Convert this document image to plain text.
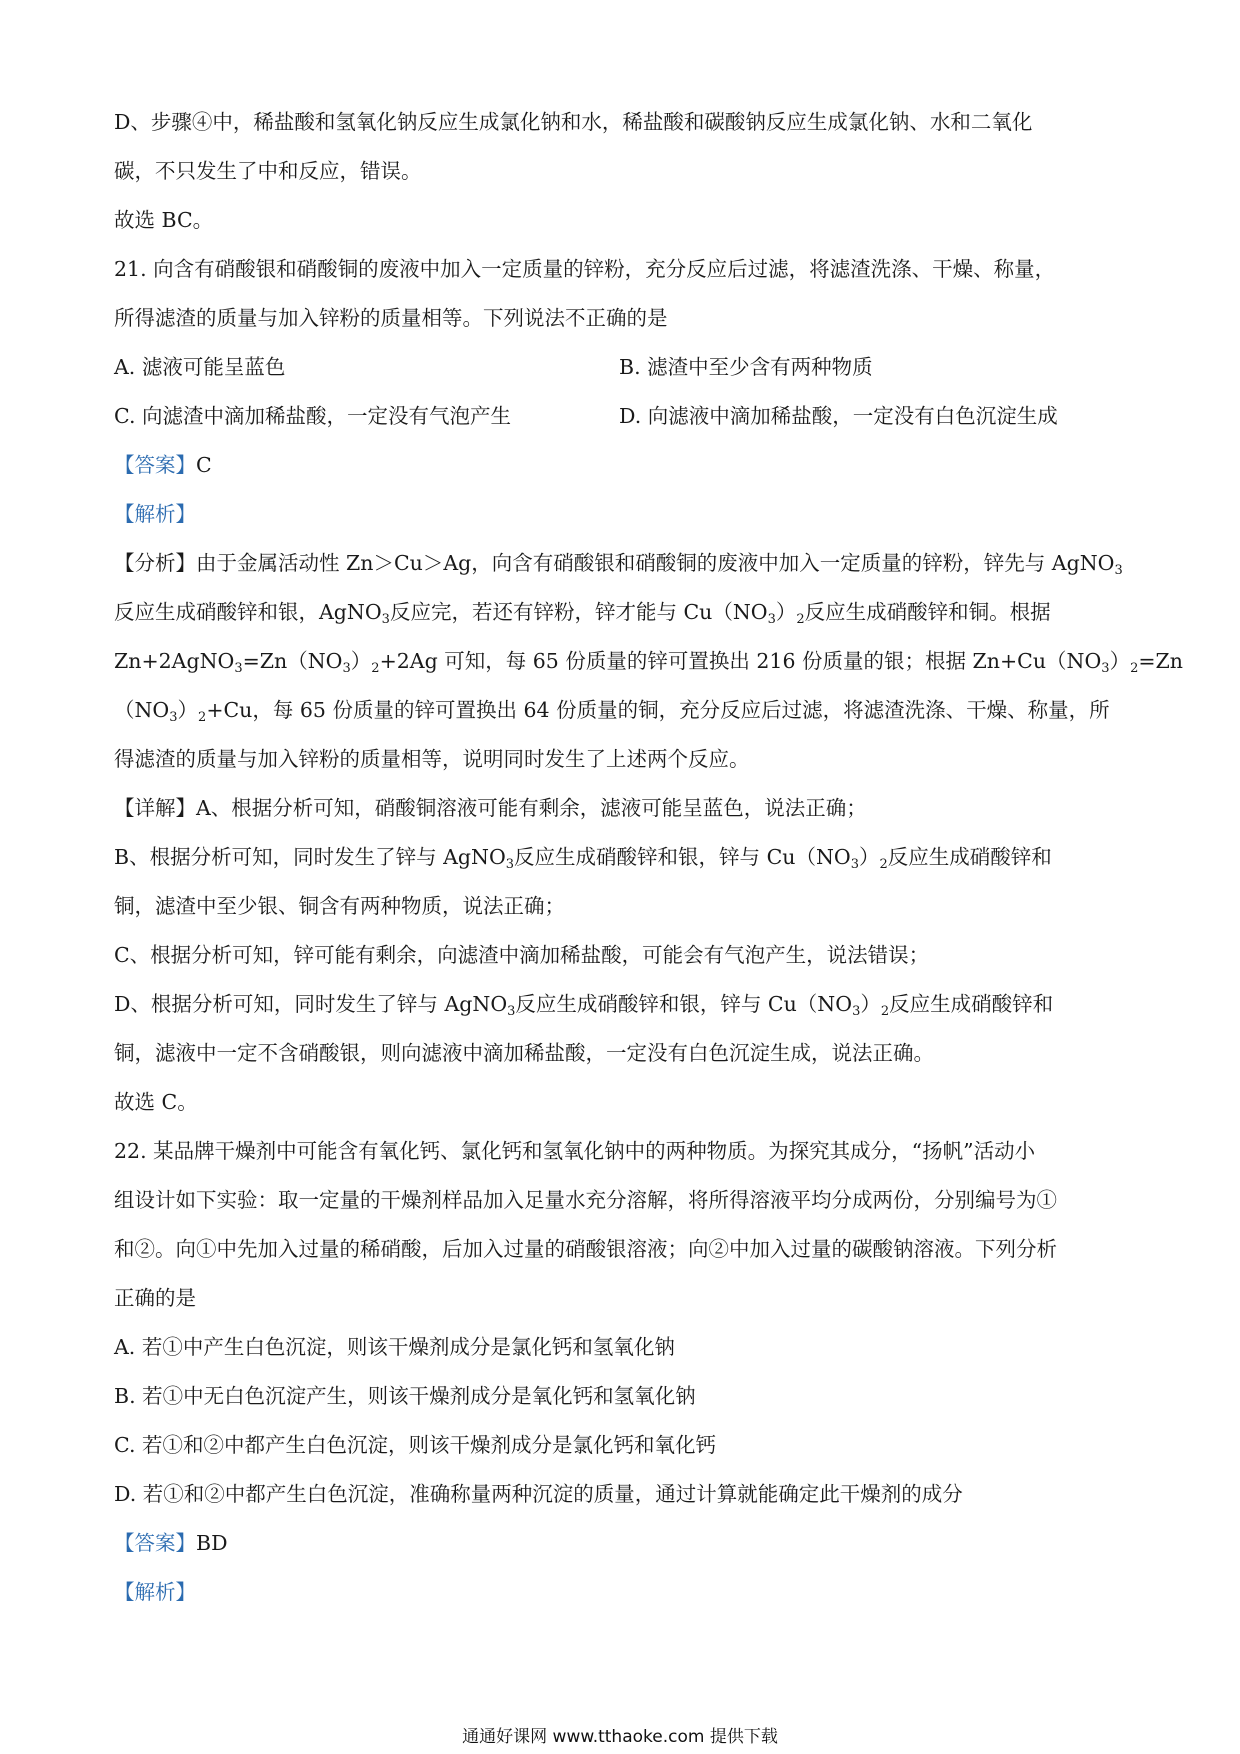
D、步骤④中，稀盐酸和氢氧化钠反应生成氯化钠和水，稀盐酸和碳酸钠反应生成氯化钠、水和二氧化
碳，不只发生了中和反应，错误。
故选 BC。
21. 向含有硝酸银和硝酸铜的废液中加入一定质量的锌粉，充分反应后过滤，将滤渣洗涤、干燥、称量，
所得滤渣的质量与加入锌粉的质量相等。下列说法不正确的是
A. 滤液可能呈蓝色	B. 滤渣中至少含有两种物质
C. 向滤渣中滴加稀盐酸，一定没有气泡产生	D. 向滤液中滴加稀盐酸，一定没有白色沉淀生成
【答案】C
【解析】
【分析】由于金属活动性 Zn＞Cu＞Ag，向含有硝酸银和硝酸铜的废液中加入一定质量的锌粉，锌先与 AgNO$_3$
反应生成硝酸锌和银，AgNO$_3$反应完，若还有锌粉，锌才能与 $Cu(NO_3)_2$反应生成硝酸锌和铜。根据
$Zn+2AgNO_3=Zn(NO_3)_2+2Ag$ 可知，每 65 份质量的锌可置换出 216 份质量的银；根据 $Zn+Cu(NO_3)_2=Zn$
$(NO_3)_2+Cu$，每 65 份质量的锌可置换出 64 份质量的铜，充分反应后过滤，将滤渣洗涤、干燥、称量，所
得滤渣的质量与加入锌粉的质量相等，说明同时发生了上述两个反应。
【详解】A、根据分析可知，硝酸铜溶液可能有剩余，滤液可能呈蓝色，说法正确；
B、根据分析可知，同时发生了锌与 AgNO$_3$反应生成硝酸锌和银，锌与 $Cu(NO_3)_2$反应生成硝酸锌和
铜，滤渣中至少银、铜含有两种物质，说法正确；
C、根据分析可知，锌可能有剩余，向滤渣中滴加稀盐酸，可能会有气泡产生，说法错误；
D、根据分析可知，同时发生了锌与 AgNO$_3$反应生成硝酸锌和银，锌与 $Cu(NO_3)_2$反应生成硝酸锌和
铜，滤液中一定不含硝酸银，则向滤液中滴加稀盐酸，一定没有白色沉淀生成，说法正确。
故选 C。
22. 某品牌干燥剂中可能含有氧化钙、氯化钙和氢氧化钠中的两种物质。为探究其成分，“扬帆”活动小
组设计如下实验：取一定量的干燥剂样品加入足量水充分溶解，将所得溶液平均分成两份，分别编号为①
和②。向①中先加入过量的稀硝酸，后加入过量的硝酸银溶液；向②中加入过量的碳酸钠溶液。下列分析
正确的是
A. 若①中产生白色沉淀，则该干燥剂成分是氯化钙和氢氧化钠
B. 若①中无白色沉淀产生，则该干燥剂成分是氧化钙和氢氧化钠
C. 若①和②中都产生白色沉淀，则该干燥剂成分是氯化钙和氧化钙
D. 若①和②中都产生白色沉淀，准确称量两种沉淀的质量，通过计算就能确定此干燥剂的成分
【答案】BD
【解析】
通通好课网 www.tthaoke.com 提供下载
